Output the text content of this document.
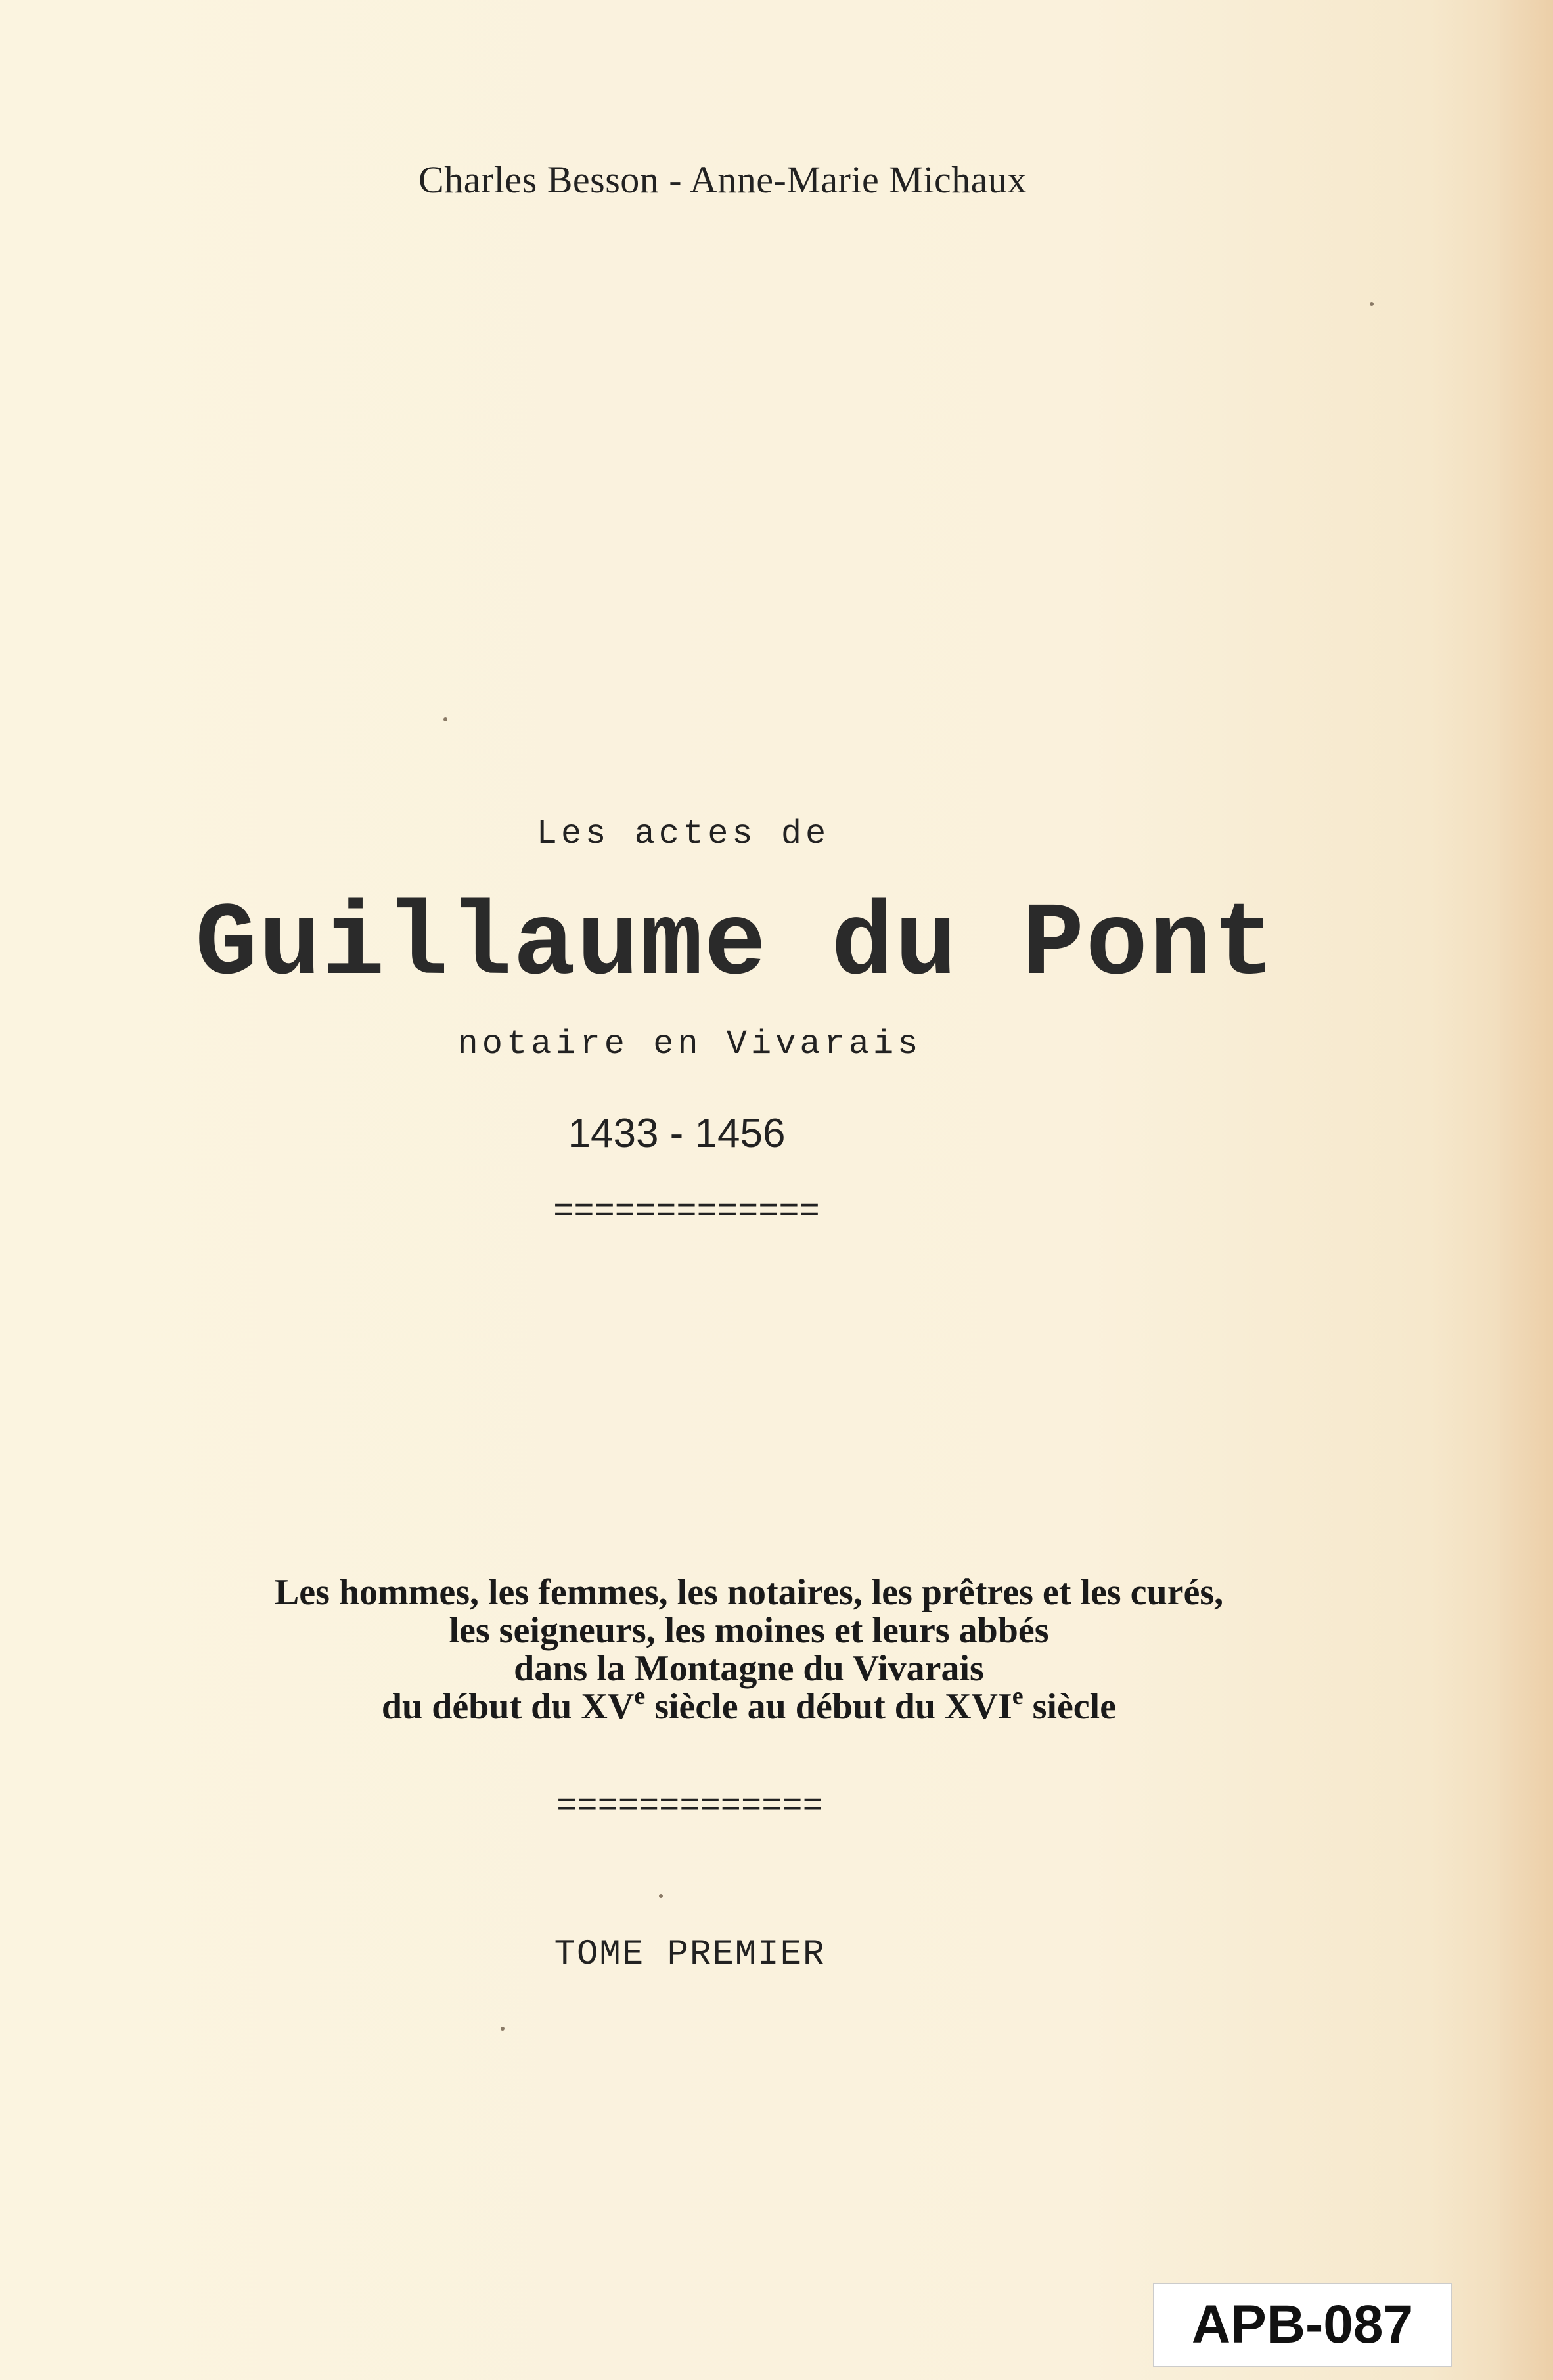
Charles Besson - Anne-Marie Michaux
Les actes de
Guillaume du Pont
notaire en Vivarais
1433 - 1456
=============
Les hommes, les femmes, les notaires, les prêtres et les curés,
les seigneurs, les moines et leurs abbés
dans la Montagne du Vivarais
du début du XVe siècle au début du XVIe siècle
=============
TOME PREMIER
APB-087
